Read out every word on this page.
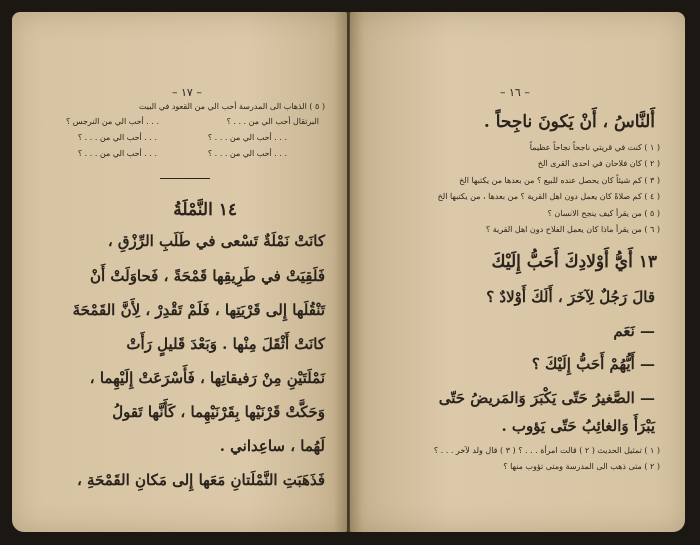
– ١٧ –
( ٥ ) الذهاب الى المدرسة أحب الي من القعود في البيت
البرتقال أحب الي من . . . ؟
. . . أحب الي من النرجس ؟
. . . أحب الي من . . . ؟
. . . أحب الي من . . . ؟
. . . أحب الي من . . . ؟
. . . أحب الي من . . . ؟
١٤ النَّمْلَةُ
كانَتْ نَمْلَةٌ تَسْعى في طَلَبِ الرِّزْقِ ،
فَلَقِيَتْ في طَرِيقِها قَمْحَةً ، فَحاوَلَتْ أَنْ
تَنْقُلَها إِلى قَرْيَتِها ، فَلَمْ تَقْدِرْ ، لِأَنَّ القَمْحَةَ
كانَتْ أَثْقَلَ مِنْها . وَبَعْدَ قَليلٍ رَأَتْ
نَمْلَتَيْنِ مِنْ رَفيقاتِها ، فَأَسْرَعَتْ إِلَيْهِما ،
وَحَكَّتْ قَرْنَيْها بِقَرْنَيْهِما ، كَأَنَّها تَقولُ
لَهُما ، ساعِداني .
فَذَهَبَتِ النَّمْلَتانِ مَعَها إِلى مَكانِ القَمْحَةِ ،
– ١٦ –
أَلنَّاسُ ، أَنْ يَكونَ ناجِحاً .
( ١ ) كنت في قريتي ناجحاً نجاحاً عظيماً
( ٢ ) كان فلاحان في احدى القرى الخ
( ٣ ) كم شيئاً كان يحصل عنده للبيع ؟ من بعدها من يكتبها الخ
( ٤ ) كم صلاةً كان يعمل دون اهل القرية ؟ من بعدها ، من يكتبها الخ
( ٥ ) من يقرأ كيف ينجح الانسان ؟
( ٦ ) من يقرأ ماذا كان يعمل الفلاح دون اهل القرية ؟
١٣ أَيُّ أَوْلادِكَ أَحَبُّ إِلَيْكَ
قالَ رَجُلٌ لِآخَرَ ، أَلَكَ أَوْلادٌ ؟
— نَعَم
— أَيُّهُمْ أَحَبُّ إِلَيْكَ ؟
— الصَّغيرُ حَتّى يَكْبَرَ وَالمَريضُ حَتّى
يَبْرَأَ وَالغائِبُ حَتّى يَؤوب .
( ١ ) تمثيل الحديث ( ٢ ) قالت امرأة . . . ؟ ( ٣ ) قال ولد لآخر . . . ؟
( ٢ ) متى ذهب الى المدرسة ومتى تؤوب منها ؟
